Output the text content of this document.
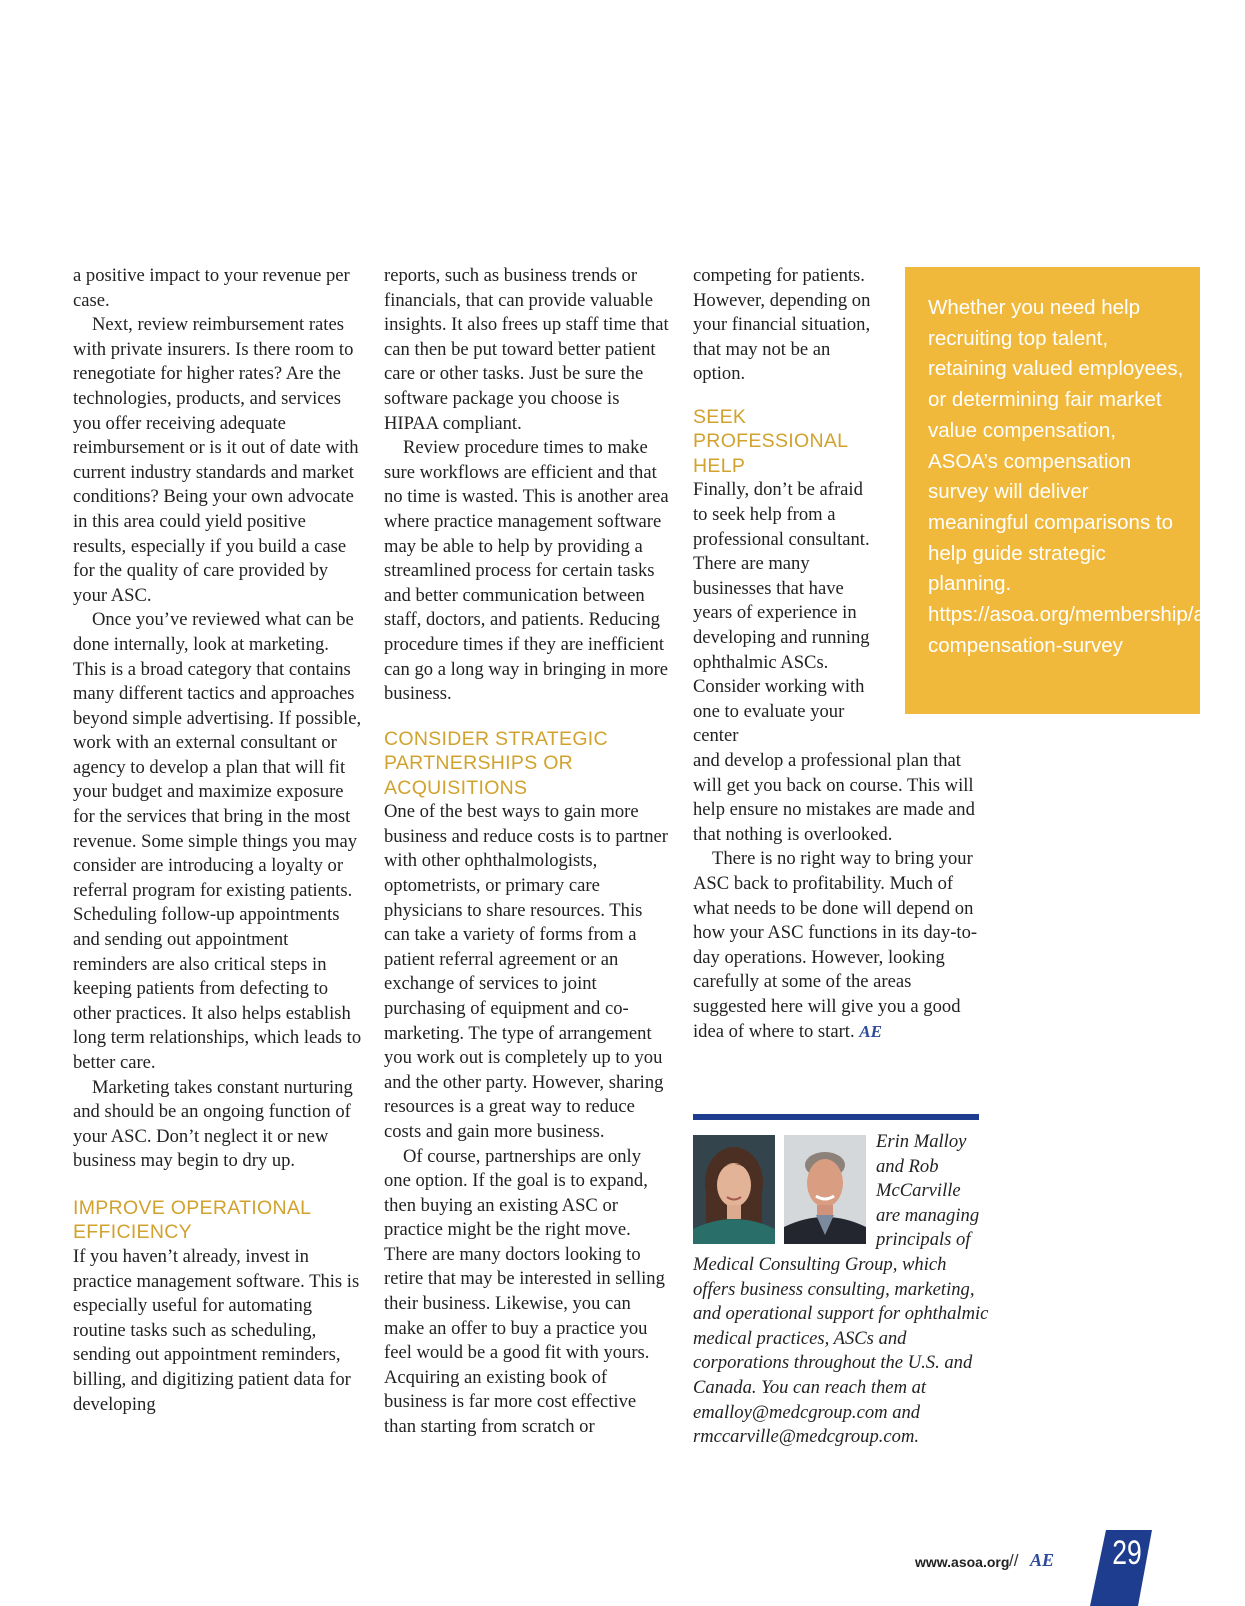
a positive impact to your revenue per case.

Next, review reimbursement rates with private insurers. Is there room to renegotiate for higher rates? Are the technologies, products, and services you offer receiving adequate reimbursement or is it out of date with current industry standards and market conditions? Being your own advocate in this area could yield positive results, especially if you build a case for the quality of care provided by your ASC.

Once you’ve reviewed what can be done internally, look at marketing. This is a broad category that contains many different tactics and approaches beyond simple advertising. If possible, work with an external consultant or agency to develop a plan that will fit your budget and maximize exposure for the services that bring in the most revenue. Some simple things you may consider are introducing a loyalty or referral program for existing patients. Scheduling follow-up appointments and sending out appointment reminders are also critical steps in keeping patients from defecting to other practices. It also helps establish long term relationships, which leads to better care.

Marketing takes constant nurturing and should be an ongoing function of your ASC. Don’t neglect it or new business may begin to dry up.

IMPROVE OPERATIONAL EFFICIENCY

If you haven’t already, invest in practice management software. This is especially useful for automating routine tasks such as scheduling, sending out appointment reminders, billing, and digitizing patient data for developing

reports, such as business trends or financials, that can provide valuable insights. It also frees up staff time that can then be put toward better patient care or other tasks. Just be sure the software package you choose is HIPAA compliant.

Review procedure times to make sure workflows are efficient and that no time is wasted. This is another area where practice management software may be able to help by providing a streamlined process for certain tasks and better communication between staff, doctors, and patients. Reducing procedure times if they are inefficient can go a long way in bringing in more business.

CONSIDER STRATEGIC PARTNERSHIPS OR ACQUISITIONS

One of the best ways to gain more business and reduce costs is to partner with other ophthalmologists, optometrists, or primary care physicians to share resources. This can take a variety of forms from a patient referral agreement or an exchange of services to joint purchasing of equipment and co-marketing. The type of arrangement you work out is completely up to you and the other party. However, sharing resources is a great way to reduce costs and gain more business.

Of course, partnerships are only one option. If the goal is to expand, then buying an existing ASC or practice might be the right move. There are many doctors looking to retire that may be interested in selling their business. Likewise, you can make an offer to buy a practice you feel would be a good fit with yours. Acquiring an existing book of business is far more cost effective than starting from scratch or

competing for patients. However, depending on your financial situation, that may not be an option.

SEEK PROFESSIONAL HELP

Finally, don’t be afraid to seek help from a professional consultant. There are many businesses that have years of experience in developing and running ophthalmic ASCs. Consider working with one to evaluate your center

and develop a professional plan that will get you back on course. This will help ensure no mistakes are made and that nothing is overlooked.

There is no right way to bring your ASC back to profitability. Much of what needs to be done will depend on how your ASC functions in its day-to-day operations. However, looking carefully at some of the areas suggested here will give you a good idea of where to start. AE

Whether you need help recruiting top talent, retaining valued employees, or determining fair market value compensation, ASOA’s compensation survey will deliver meaningful comparisons to help guide strategic planning. https://asoa.org/membership/asoa-compensation-survey
Erin Malloy and Rob McCarville are managing principals of
Medical Consulting Group, which offers business consulting, marketing, and operational support for ophthalmic medical practices, ASCs and corporations throughout the U.S. and Canada. You can reach them at emalloy@medcgroup.com and rmccarville@medcgroup.com.
www.asoa.org // AE 29
